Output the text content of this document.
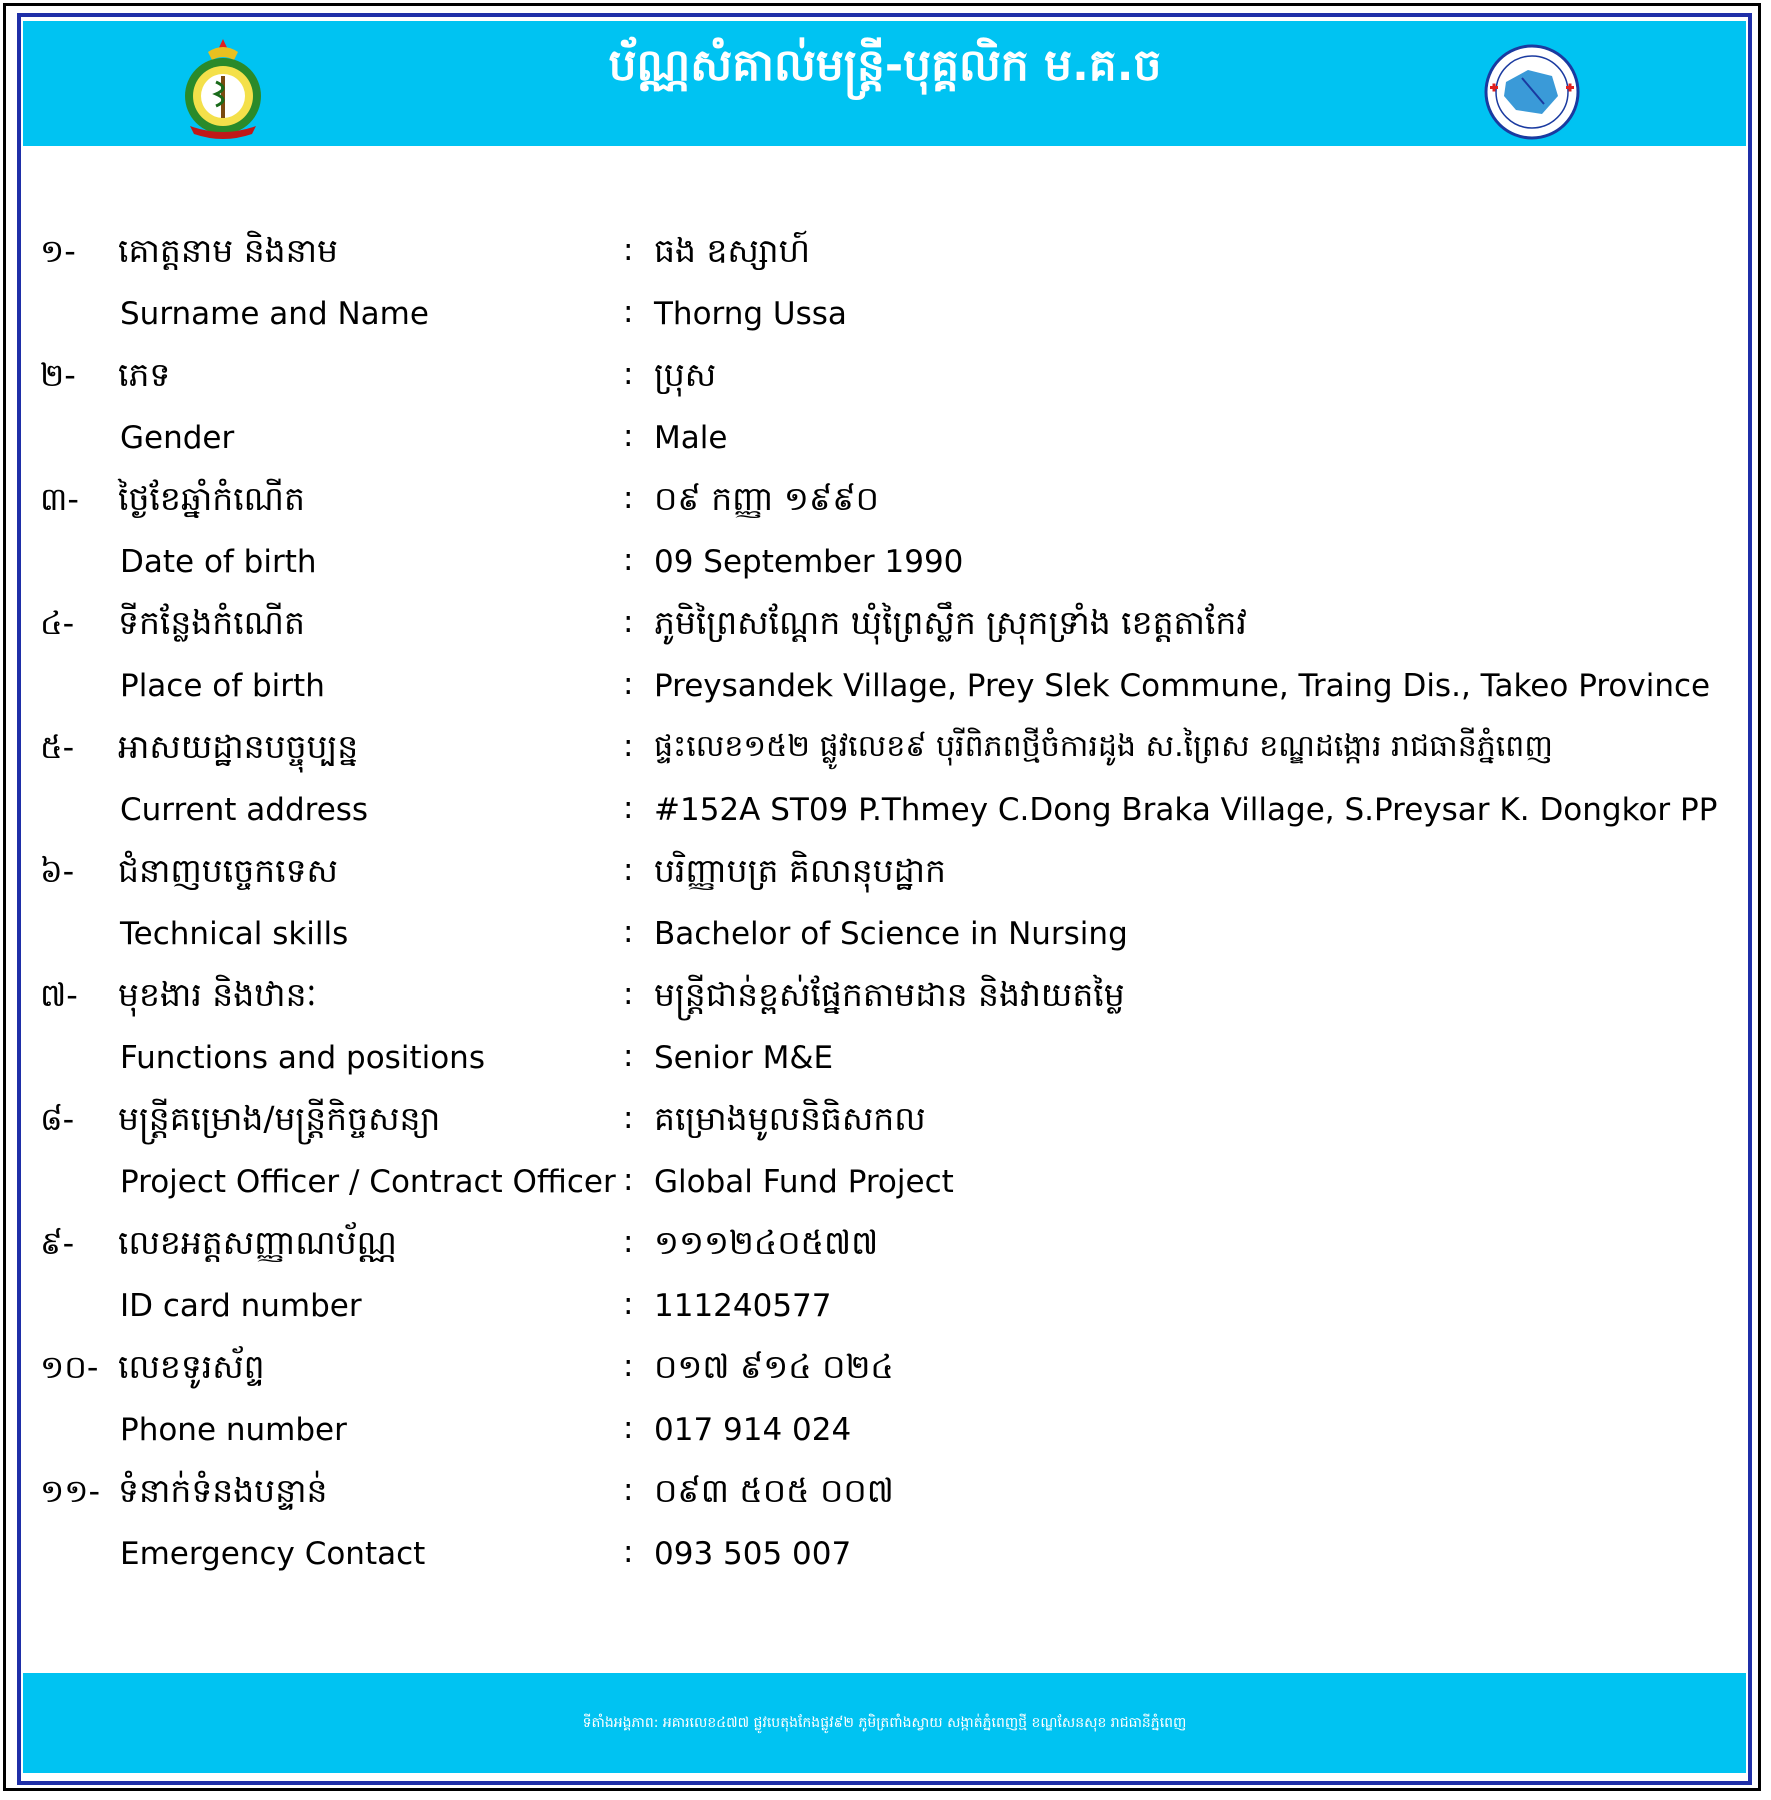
ប័ណ្ណសំគាល់មន្រ្តី-បុគ្គលិក ម.គ.ច
១- គោត្តនាម និងនាម	: ធង ឧស្សាហ៍
Surname and Name	: Thorng Ussa
២- ភេទ	: ប្រុស
Gender	: Male
៣- ថ្ងៃខែឆ្នាំកំណើត	: ០៩ កញ្ញា ១៩៩០
Date of birth	: 09 September 1990
៤- ទីកន្លែងកំណើត	: ភូមិព្រៃសណ្ដែក ឃុំព្រៃស្លឹក ស្រុកទ្រាំង ខេត្តតាកែវ
Place of birth	: Preysandek Village, Prey Slek Commune, Traing Dis., Takeo Province
៥- អាសយដ្ឋានបច្ចុប្បន្ន	: ផ្ទះលេខ១៥២ ផ្លូវលេខ៩ បុរីពិភពថ្មីចំការដូង ស.ព្រៃស ខណ្ឌដង្កោរ រាជធានីភ្នំពេញ
Current address	: #152A ST09 P.Thmey C.Dong Braka Village, S.Preysar K. Dongkor PP
៦- ជំនាញបច្ចេកទេស	: បរិញ្ញាបត្រ គិលានុបដ្ឋាក
Technical skills	: Bachelor of Science in Nursing
៧- មុខងារ និងឋានៈ	: មន្រ្តីជាន់ខ្ពស់ផ្នែកតាមដាន និងវាយតម្លៃ
Functions and positions	: Senior M&E
៨- មន្រ្តីគម្រោង/មន្រ្តីកិច្ចសន្យា	: គម្រោងមូលនិធិសកល
Project Officer / Contract Officer : Global Fund Project
៩- លេខអត្តសញ្ញាណប័ណ្ណ	: ១១១២៤០៥៧៧
ID card number	: 111240577
១០- លេខទូរស័ព្ទ	: ០១៧ ៩១៤ ០២៤
Phone number	: 017 914 024
១១- ទំនាក់ទំនងបន្ទាន់	: ០៩៣ ៥០៥ ០០៧
Emergency Contact	: 093 505 007
ទីតាំងអង្គភាព: អគារលេខ៤៧៧ ផ្លូវបេតុងកែងផ្លូវ៩២ ភូមិត្រពាំងស្វាយ សង្កាត់ភ្នំពេញថ្មី ខណ្ឌសែនសុខ រាជធានីភ្នំពេញ
